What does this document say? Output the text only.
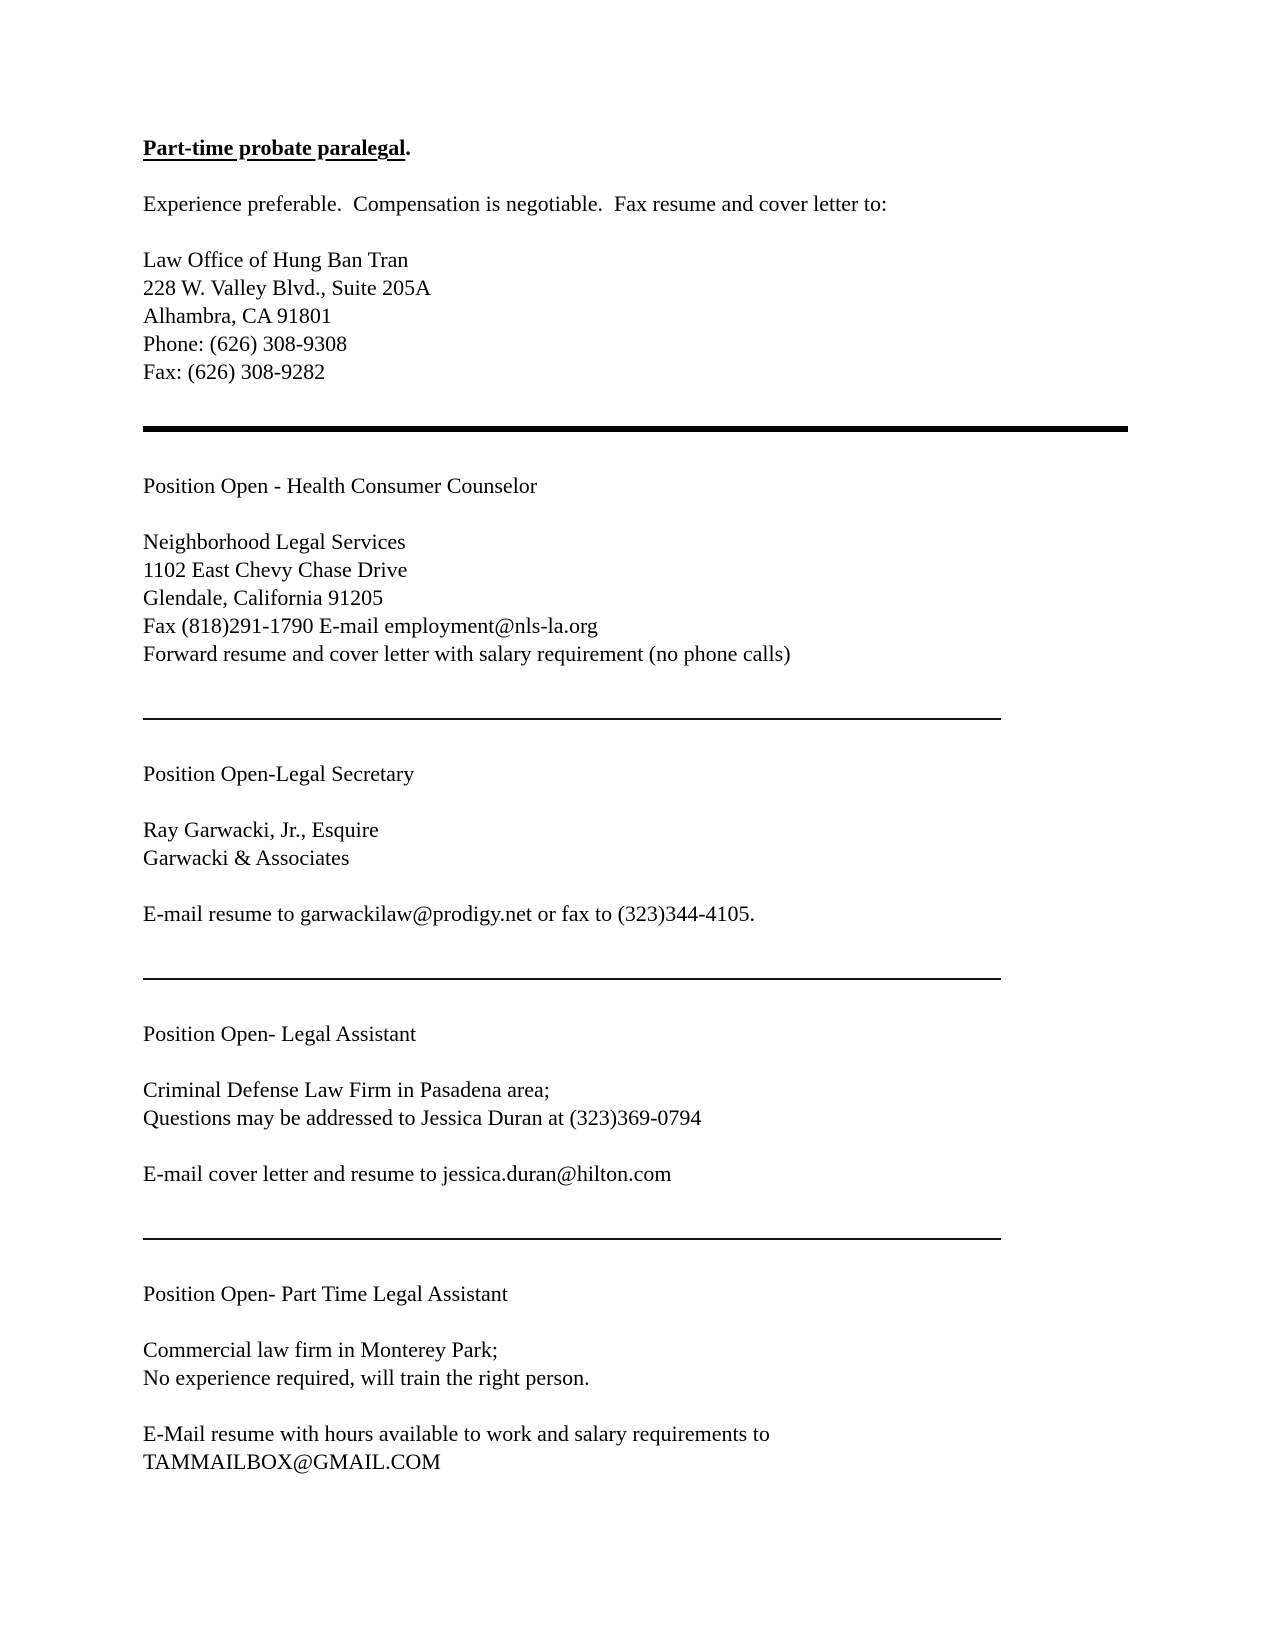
Part-time probate paralegal.
Experience preferable.  Compensation is negotiable.  Fax resume and cover letter to:
Law Office of Hung Ban Tran
228 W. Valley Blvd., Suite 205A
Alhambra, CA 91801
Phone: (626) 308-9308
Fax: (626) 308-9282
Position Open - Health Consumer Counselor
Neighborhood Legal Services
1102 East Chevy Chase Drive
Glendale, California 91205
Fax (818)291-1790 E-mail employment@nls-la.org
Forward resume and cover letter with salary requirement (no phone calls)
Position Open-Legal Secretary
Ray Garwacki, Jr., Esquire
Garwacki & Associates
E-mail resume to garwackilaw@prodigy.net or fax to (323)344-4105.
Position Open- Legal Assistant
Criminal Defense Law Firm in Pasadena area;
Questions may be addressed to Jessica Duran at (323)369-0794
E-mail cover letter and resume to jessica.duran@hilton.com
Position Open- Part Time Legal Assistant
Commercial law firm in Monterey Park;
No experience required, will train the right person.
E-Mail resume with hours available to work and salary requirements to
TAMMAILBOX@GMAIL.COM
